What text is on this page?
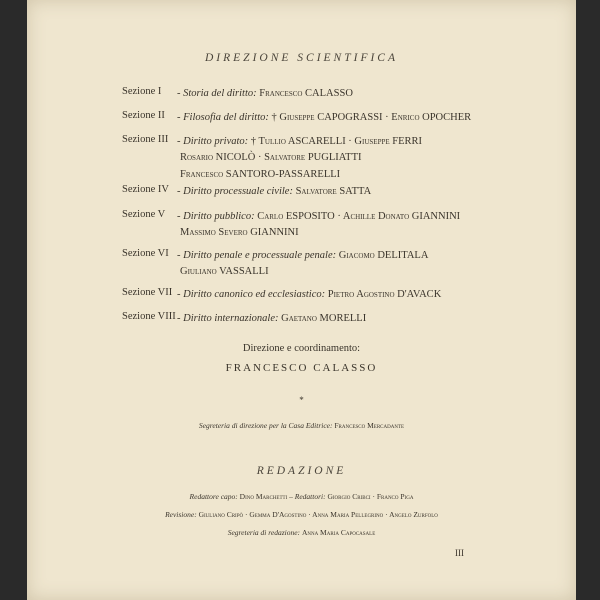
DIREZIONE SCIENTIFICA
Sezione I - Storia del diritto: Francesco CALASSO
Sezione II - Filosofia del diritto: † Giuseppe CAPOGRASSI · Enrico OPOCHER
Sezione III - Diritto privato: † Tullio ASCARELLI · Giuseppe FERRI
Rosario NICOLÒ · Salvatore PUGLIATTI
Francesco SANTORO-PASSARELLI
Sezione IV - Diritto processuale civile: Salvatore SATTA
Sezione V - Diritto pubblico: Carlo ESPOSITO · Achille Donato GIANNINI
Massimo Severo GIANNINI
Sezione VI - Diritto penale e processuale penale: Giacomo DELITALA
Giuliano VASSALLI
Sezione VII - Diritto canonico ed ecclesiastico: Pietro Agostino D'AVACK
Sezione VIII - Diritto internazionale: Gaetano MORELLI
Direzione e coordinamento:
FRANCESCO CALASSO
*
Segreteria di direzione per la Casa Editrice: Francesco Mercadante
REDAZIONE
Redattore capo: Dino Marchetti – Redattori: Giorgio Cribci · Franco Piga
Revisione: Giuliano Cripò · Gemma D'Agostino · Anna Maria Pellegrino · Angelo Zurfolo
Segreteria di redazione: Anna Maria Capocasale
III
